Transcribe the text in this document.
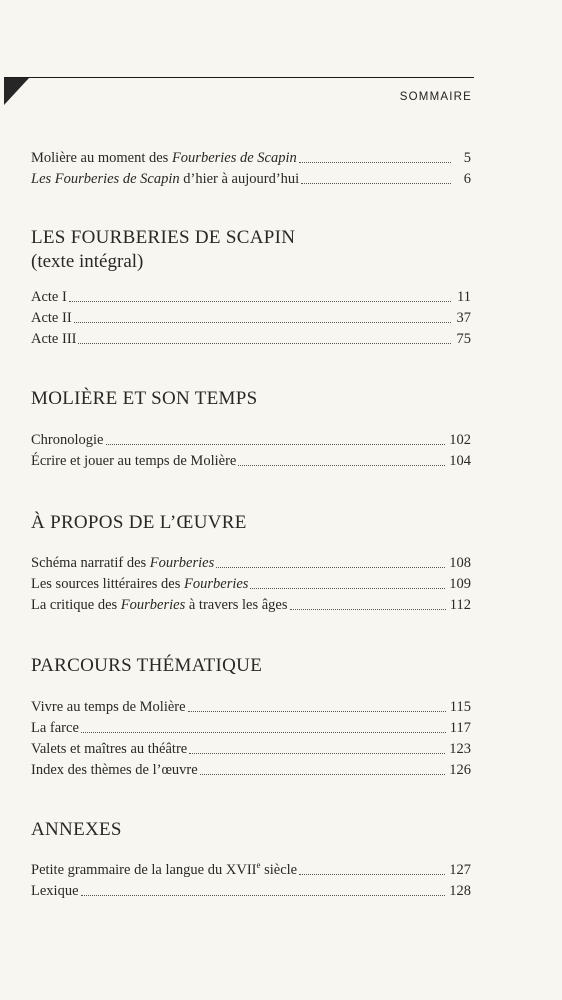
SOMMAIRE
Molière au moment des Fourberies de Scapin	5
Les Fourberies de Scapin d’hier à aujourd’hui	6
LES FOURBERIES DE SCAPIN

(texte intégral)

Acte I	11
Acte II	37
Acte III	75
MOLIÈRE ET SON TEMPS
Chronologie	102
Écrire et jouer au temps de Molière	104
À PROPOS DE L’ŒUVRE
Schéma narratif des Fourberies	108
Les sources littéraires des Fourberies	109
La critique des Fourberies à travers les âges	112
PARCOURS THÉMATIQUE
Vivre au temps de Molière	115
La farce	117
Valets et maîtres au théâtre	123
Index des thèmes de l’œuvre	126
ANNEXES
Petite grammaire de la langue du XVIIe siècle	127
Lexique	128
